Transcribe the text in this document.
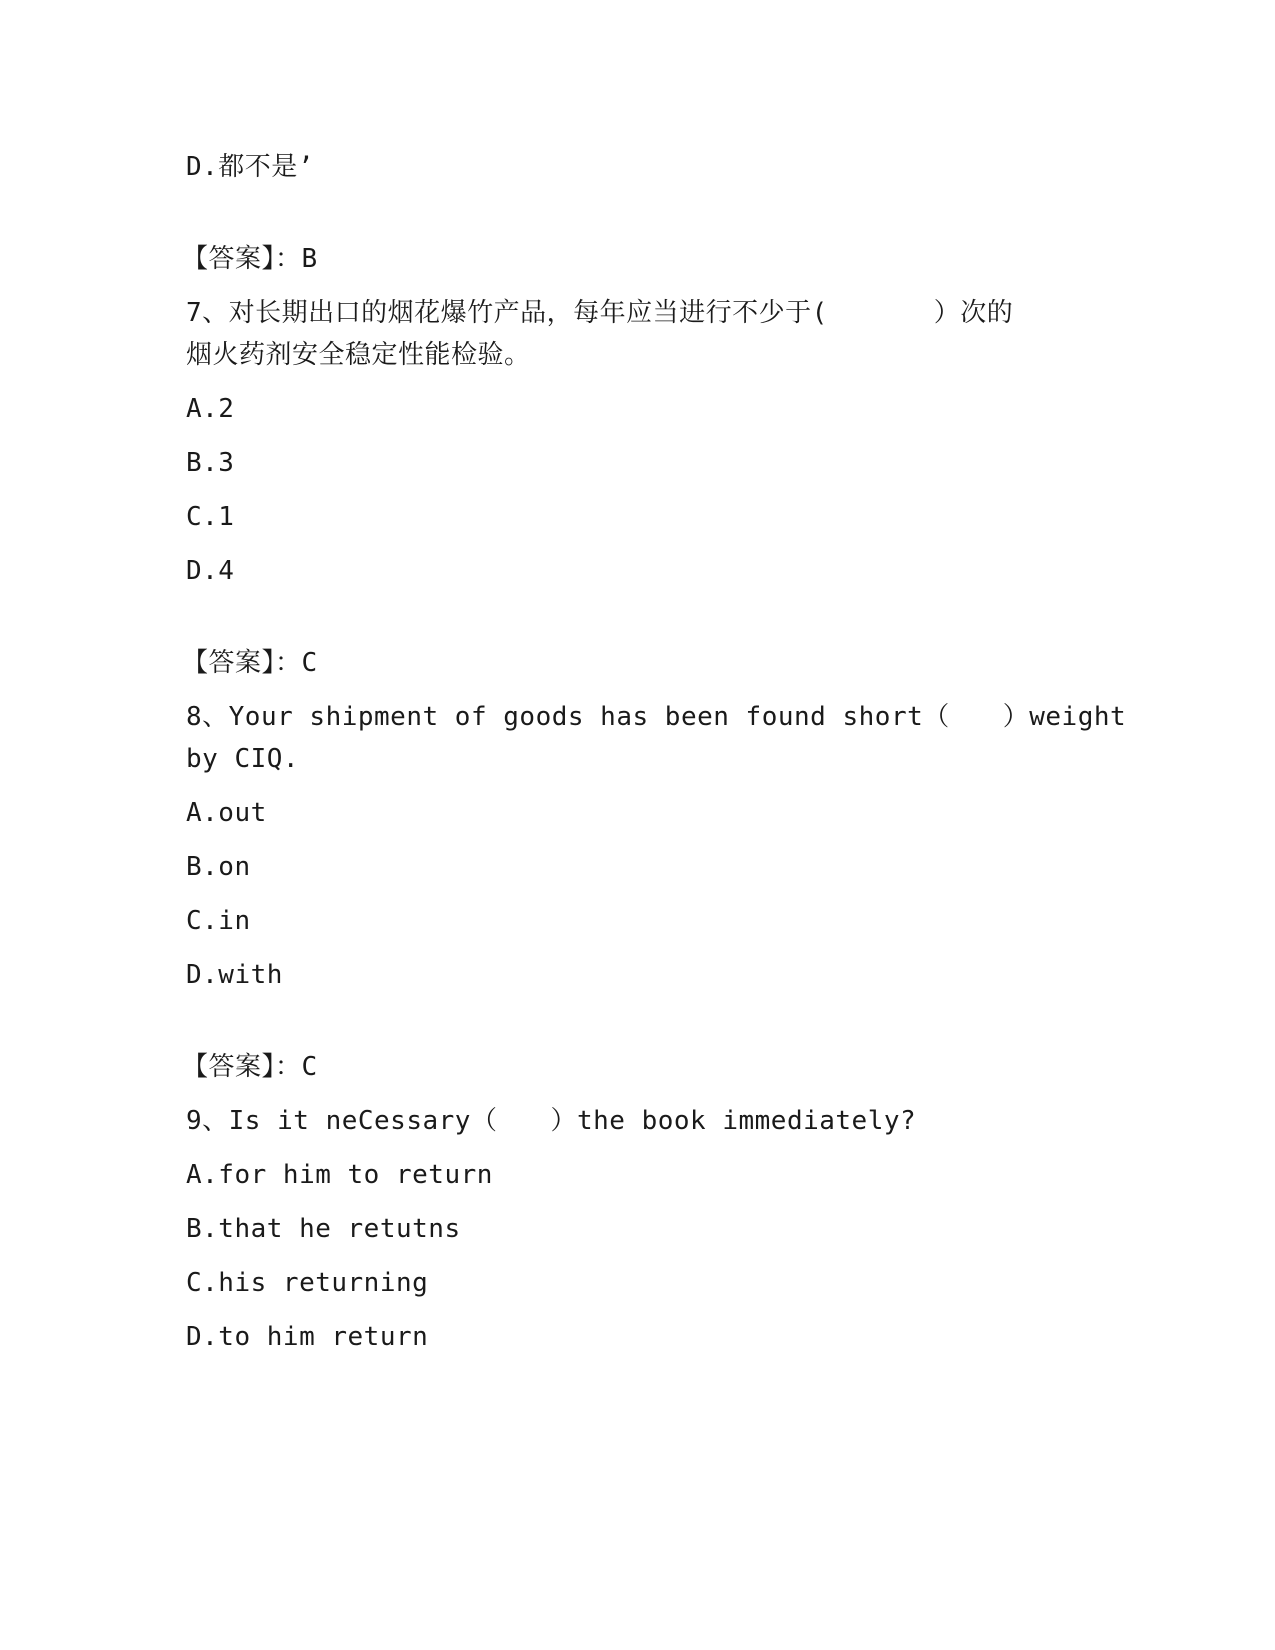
D.都不是’
【答案】：B
7、对长期出口的烟花爆竹产品，每年应当进行不少于(　　　　）次的
烟火药剂安全稳定性能检验。
A.2
B.3
C.1
D.4
【答案】：C
8、Your shipment of goods has been found short（　　）weight
by CIQ.
A.out
B.on
C.in
D.with
【答案】：C
9、Is it neCessary（　　）the book immediately?
A.for him to return
B.that he retutns
C.his returning
D.to him return
